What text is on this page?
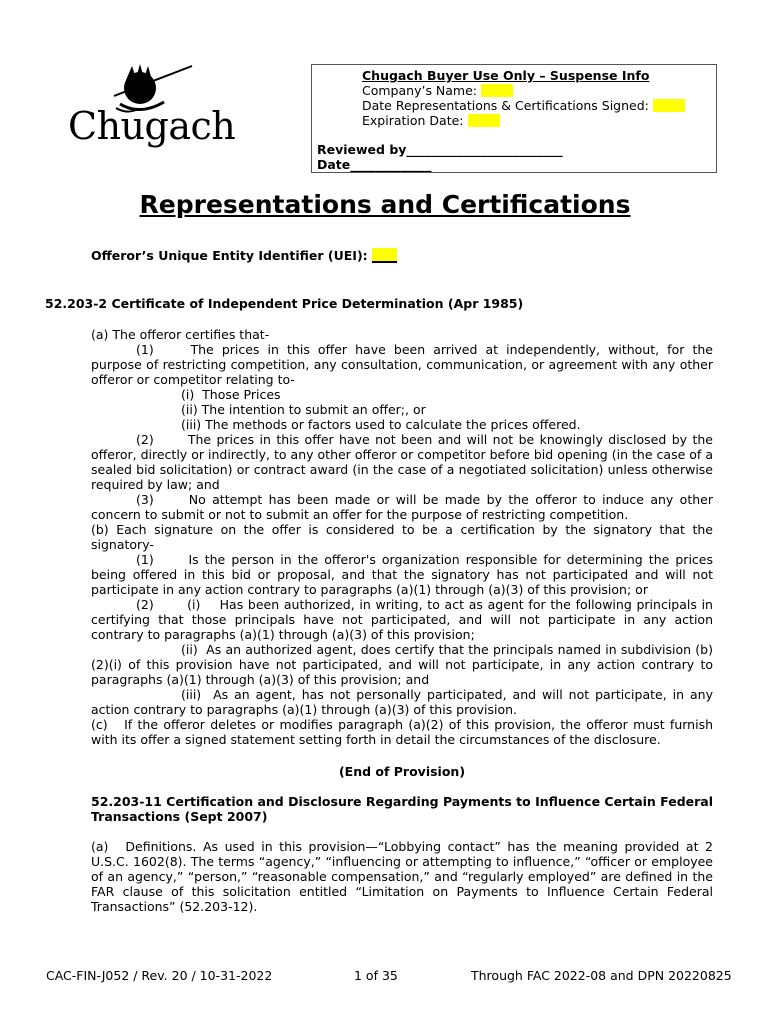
Chugach
Chugach Buyer Use Only – Suspense Info
Company’s Name:
Date Representations & Certifications Signed:
Expiration Date:
Reviewed by_________________________
Date_____________
Representations and Certifications
Offeror’s Unique Entity Identifier (UEI): ____
52.203-2 Certificate of Independent Price Determination (Apr 1985)
(a) The offeror certifies that-
(1)	The prices in this offer have been arrived at independently, without, for the purpose of restricting competition, any consultation, communication, or agreement with any other offeror or competitor relating to-
(i)  Those Prices
(ii) The intention to submit an offer;, or
(iii) The methods or factors used to calculate the prices offered.
(2)	The prices in this offer have not been and will not be knowingly disclosed by the offeror, directly or indirectly, to any other offeror or competitor before bid opening (in the case of a sealed bid solicitation) or contract award (in the case of a negotiated solicitation) unless otherwise required by law; and
(3)	No attempt has been made or will be made by the offeror to induce any other concern to submit or not to submit an offer for the purpose of restricting competition.
(b) Each signature on the offer is considered to be a certification by the signatory that the signatory-
(1)	Is the person in the offeror's organization responsible for determining the prices being offered in this bid or proposal, and that the signatory has not participated and will not participate in any action contrary to paragraphs (a)(1) through (a)(3) of this provision; or
(2)	(i)	Has been authorized, in writing, to act as agent for the following principals in certifying that those principals have not participated, and will not participate in any action contrary to paragraphs (a)(1) through (a)(3) of this provision;
(ii)  As an authorized agent, does certify that the principals named in subdivision (b)(2)(i) of this provision have not participated, and will not participate, in any action contrary to paragraphs (a)(1) through (a)(3) of this provision; and
(iii)  As an agent, has not personally participated, and will not participate, in any action contrary to paragraphs (a)(1) through (a)(3) of this provision.
(c)	If the offeror deletes or modifies paragraph (a)(2) of this provision, the offeror must furnish with its offer a signed statement setting forth in detail the circumstances of the disclosure.
(End of Provision)
52.203-11 Certification and Disclosure Regarding Payments to Influence Certain Federal Transactions (Sept 2007)
(a)	Definitions. As used in this provision—“Lobbying contact” has the meaning provided at 2 U.S.C. 1602(8). The terms “agency,” “influencing or attempting to influence,” “officer or employee of an agency,” “person,” “reasonable compensation,” and “regularly employed” are defined in the FAR clause of this solicitation entitled “Limitation on Payments to Influence Certain Federal Transactions” (52.203-12).
CAC-FIN-J052 / Rev. 20 / 10-31-2022	1 of 35	Through FAC 2022-08 and DPN 20220825
